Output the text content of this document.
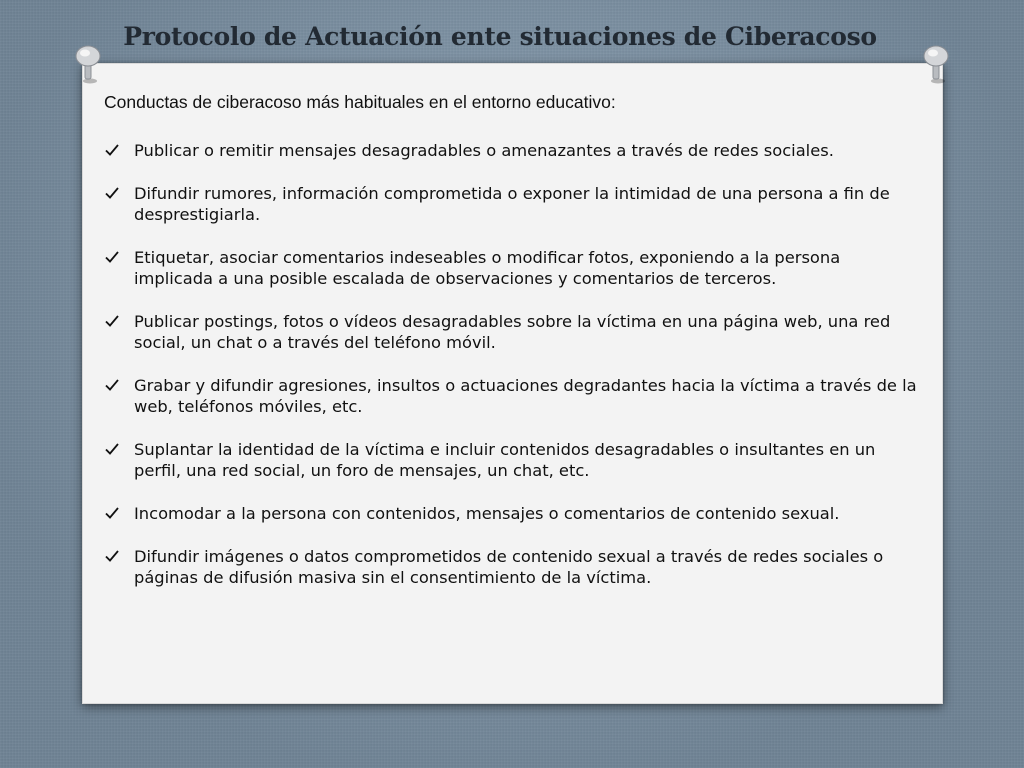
Protocolo de Actuación ente situaciones de Ciberacoso
Conductas de ciberacoso más habituales en el entorno educativo:
Publicar o remitir mensajes desagradables o amenazantes a través de redes sociales.
Difundir rumores, información comprometida o exponer la intimidad de una persona a fin de desprestigiarla.
Etiquetar, asociar comentarios indeseables o modificar fotos, exponiendo a la persona implicada a una posible escalada de observaciones y comentarios de terceros.
Publicar postings, fotos o vídeos desagradables sobre la víctima en una página web, una red social, un chat o a través del teléfono móvil.
Grabar y difundir agresiones, insultos o actuaciones degradantes hacia la víctima a través de la web, teléfonos móviles, etc.
Suplantar la identidad de la víctima e incluir contenidos desagradables o insultantes en un perfil, una red social, un foro de mensajes, un chat, etc.
Incomodar a la persona con contenidos, mensajes o comentarios de contenido sexual.
Difundir imágenes o datos comprometidos de contenido sexual a través de redes sociales o páginas de difusión masiva sin el consentimiento de la víctima.
